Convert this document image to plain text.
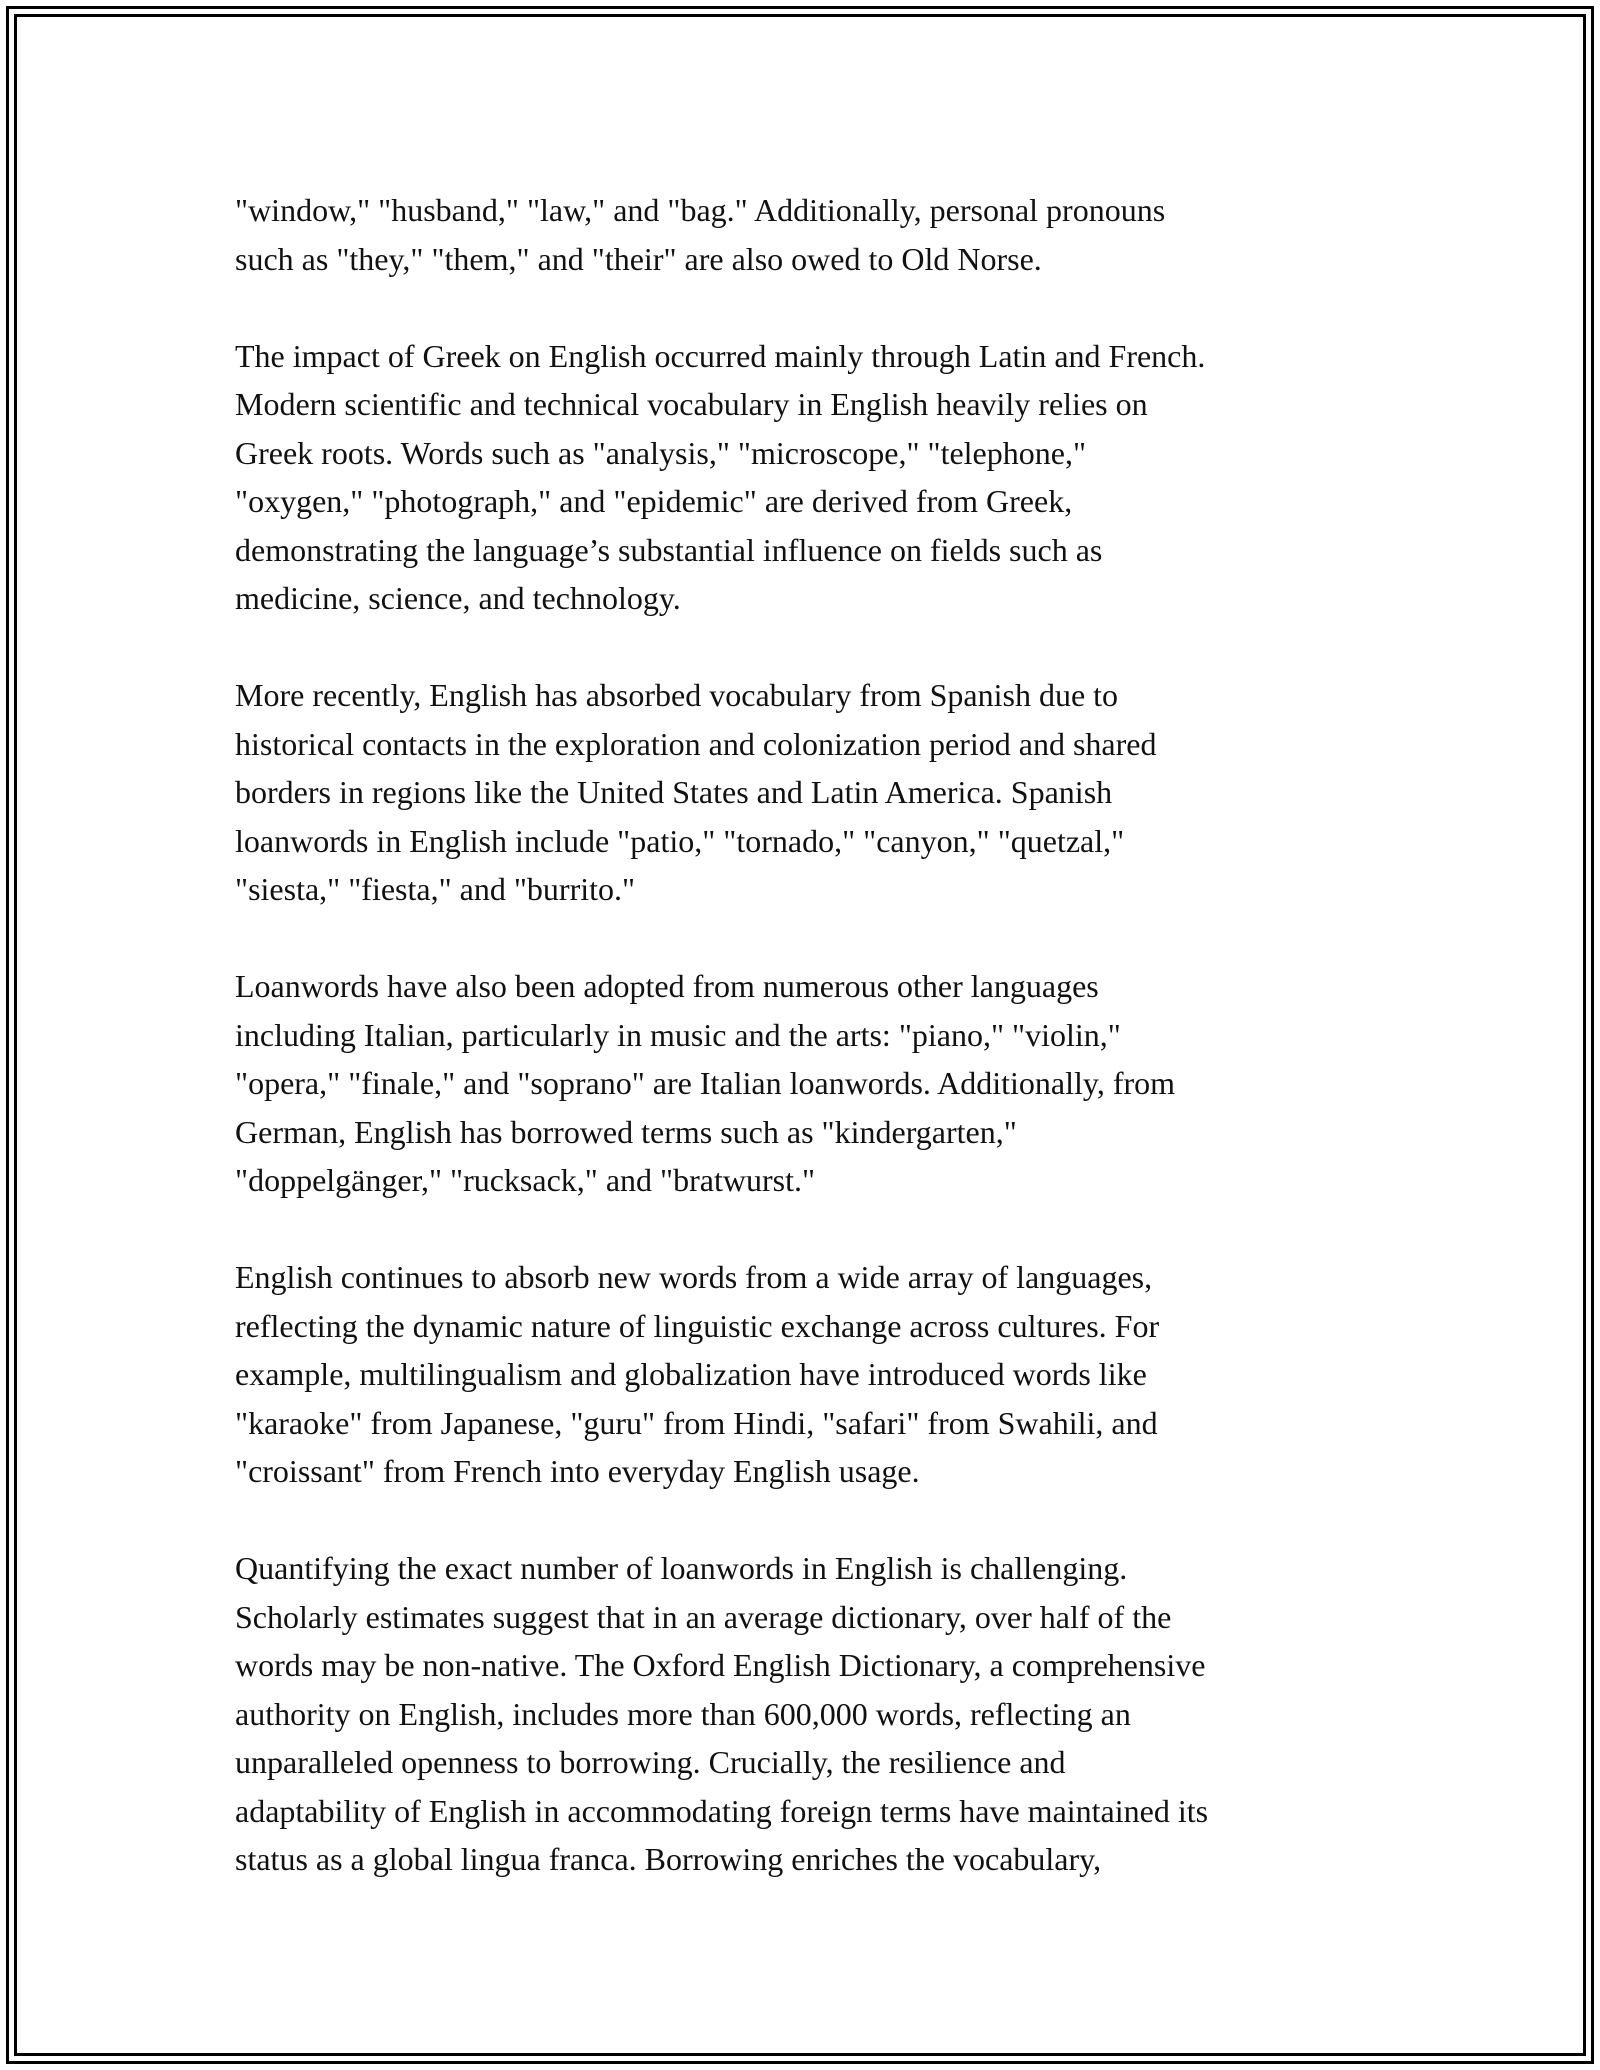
"window," "husband," "law," and "bag." Additionally, personal pronouns
such as "they," "them," and "their" are also owed to Old Norse.

The impact of Greek on English occurred mainly through Latin and French.
Modern scientific and technical vocabulary in English heavily relies on
Greek roots. Words such as "analysis," "microscope," "telephone,"
"oxygen," "photograph," and "epidemic" are derived from Greek,
demonstrating the language’s substantial influence on fields such as
medicine, science, and technology.

More recently, English has absorbed vocabulary from Spanish due to
historical contacts in the exploration and colonization period and shared
borders in regions like the United States and Latin America. Spanish
loanwords in English include "patio," "tornado," "canyon," "quetzal,"
"siesta," "fiesta," and "burrito."

Loanwords have also been adopted from numerous other languages
including Italian, particularly in music and the arts: "piano," "violin,"
"opera," "finale," and "soprano" are Italian loanwords. Additionally, from
German, English has borrowed terms such as "kindergarten,"
"doppelgänger," "rucksack," and "bratwurst."

English continues to absorb new words from a wide array of languages,
reflecting the dynamic nature of linguistic exchange across cultures. For
example, multilingualism and globalization have introduced words like
"karaoke" from Japanese, "guru" from Hindi, "safari" from Swahili, and
"croissant" from French into everyday English usage.

Quantifying the exact number of loanwords in English is challenging.
Scholarly estimates suggest that in an average dictionary, over half of the
words may be non-native. The Oxford English Dictionary, a comprehensive
authority on English, includes more than 600,000 words, reflecting an
unparalleled openness to borrowing. Crucially, the resilience and
adaptability of English in accommodating foreign terms have maintained its
status as a global lingua franca. Borrowing enriches the vocabulary,
